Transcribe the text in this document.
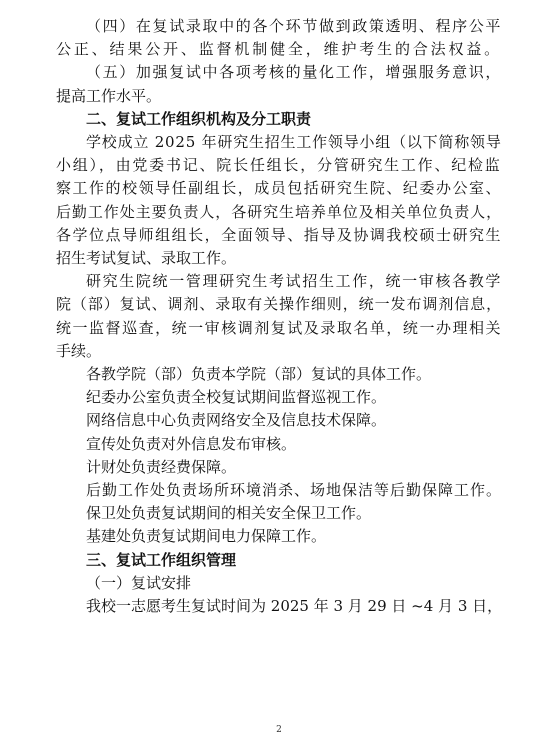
（四）在复试录取中的各个环节做到政策透明、程序公平
公正、结果公开、监督机制健全，维护考生的合法权益。
（五）加强复试中各项考核的量化工作，增强服务意识，
提高工作水平。
二、复试工作组织机构及分工职责
学校成立 2025 年研究生招生工作领导小组（以下简称领导
小组），由党委书记、院长任组长，分管研究生工作、纪检监
察工作的校领导任副组长，成员包括研究生院、纪委办公室、
后勤工作处主要负责人，各研究生培养单位及相关单位负责人，
各学位点导师组组长，全面领导、指导及协调我校硕士研究生
招生考试复试、录取工作。
研究生院统一管理研究生考试招生工作，统一审核各教学
院（部）复试、调剂、录取有关操作细则，统一发布调剂信息，
统一监督巡查，统一审核调剂复试及录取名单，统一办理相关
手续。
各教学院（部）负责本学院（部）复试的具体工作。
纪委办公室负责全校复试期间监督巡视工作。
网络信息中心负责网络安全及信息技术保障。
宣传处负责对外信息发布审核。
计财处负责经费保障。
后勤工作处负责场所环境消杀、场地保洁等后勤保障工作。
保卫处负责复试期间的相关安全保卫工作。
基建处负责复试期间电力保障工作。
三、复试工作组织管理
（一）复试安排
我校一志愿考生复试时间为 2025 年 3 月 29 日 ~4 月 3 日，
2
